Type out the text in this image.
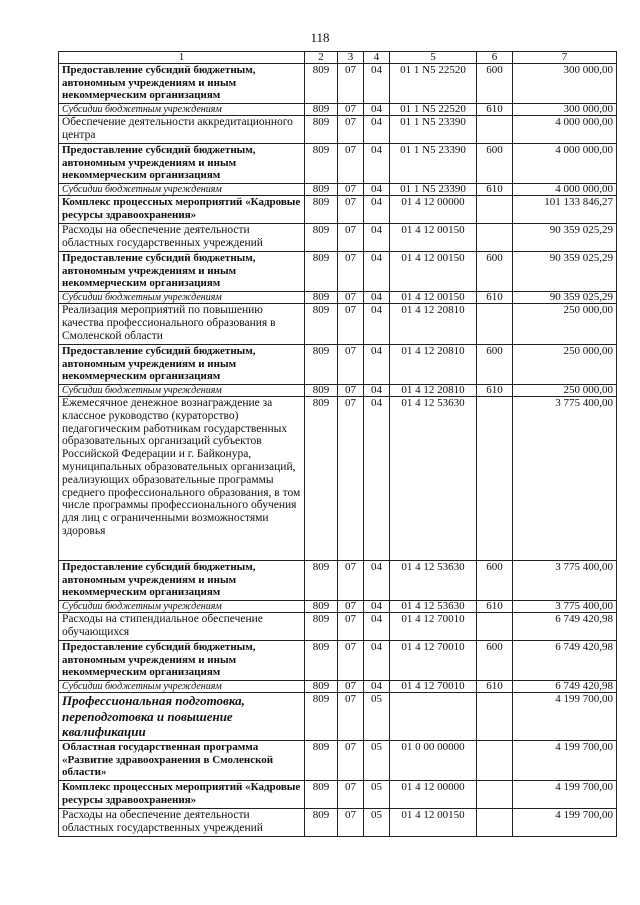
118
1	2	3	4	5	6	7
Предоставление субсидий бюджетным, автономным учреждениям и иным некоммерческим организациям	809	07	04	01 1 N5 22520	600	300 000,00
Субсидии бюджетным учреждениям	809	07	04	01 1 N5 22520	610	300 000,00
Обеспечение деятельности аккредитационного центра	809	07	04	01 1 N5 23390		4 000 000,00
Предоставление субсидий бюджетным, автономным учреждениям и иным некоммерческим организациям	809	07	04	01 1 N5 23390	600	4 000 000,00
Субсидии бюджетным учреждениям	809	07	04	01 1 N5 23390	610	4 000 000,00
Комплекс процессных мероприятий «Кадровые ресурсы здравоохранения»	809	07	04	01 4 12 00000		101 133 846,27
Расходы на обеспечение деятельности областных государственных учреждений	809	07	04	01 4 12 00150		90 359 025,29
Предоставление субсидий бюджетным, автономным учреждениям и иным некоммерческим организациям	809	07	04	01 4 12 00150	600	90 359 025,29
Субсидии бюджетным учреждениям	809	07	04	01 4 12 00150	610	90 359 025,29
Реализация мероприятий по повышению качества профессионального образования в Смоленской области	809	07	04	01 4 12 20810		250 000,00
Предоставление субсидий бюджетным, автономным учреждениям и иным некоммерческим организациям	809	07	04	01 4 12 20810	600	250 000,00
Субсидии бюджетным учреждениям	809	07	04	01 4 12 20810	610	250 000,00
Ежемесячное денежное вознаграждение за классное руководство (кураторство) педагогическим работникам государственных образовательных организаций субъектов Российской Федерации и г. Байконура, муниципальных образовательных организаций, реализующих образовательные программы среднего профессионального образования, в том числе программы профессионального обучения для лиц с ограниченными возможностями здоровья	809	07	04	01 4 12 53630		3 775 400,00
Предоставление субсидий бюджетным, автономным учреждениям и иным некоммерческим организациям	809	07	04	01 4 12 53630	600	3 775 400,00
Субсидии бюджетным учреждениям	809	07	04	01 4 12 53630	610	3 775 400,00
Расходы на стипендиальное обеспечение обучающихся	809	07	04	01 4 12 70010		6 749 420,98
Предоставление субсидий бюджетным, автономным учреждениям и иным некоммерческим организациям	809	07	04	01 4 12 70010	600	6 749 420,98
Субсидии бюджетным учреждениям	809	07	04	01 4 12 70010	610	6 749 420,98
Профессиональная подготовка, переподготовка и повышение квалификации	809	07	05			4 199 700,00
Областная государственная программа «Развитие здравоохранения в Смоленской области»	809	07	05	01 0 00 00000		4 199 700,00
Комплекс процессных мероприятий «Кадровые ресурсы здравоохранения»	809	07	05	01 4 12 00000		4 199 700,00
Расходы на обеспечение деятельности областных государственных учреждений	809	07	05	01 4 12 00150		4 199 700,00
